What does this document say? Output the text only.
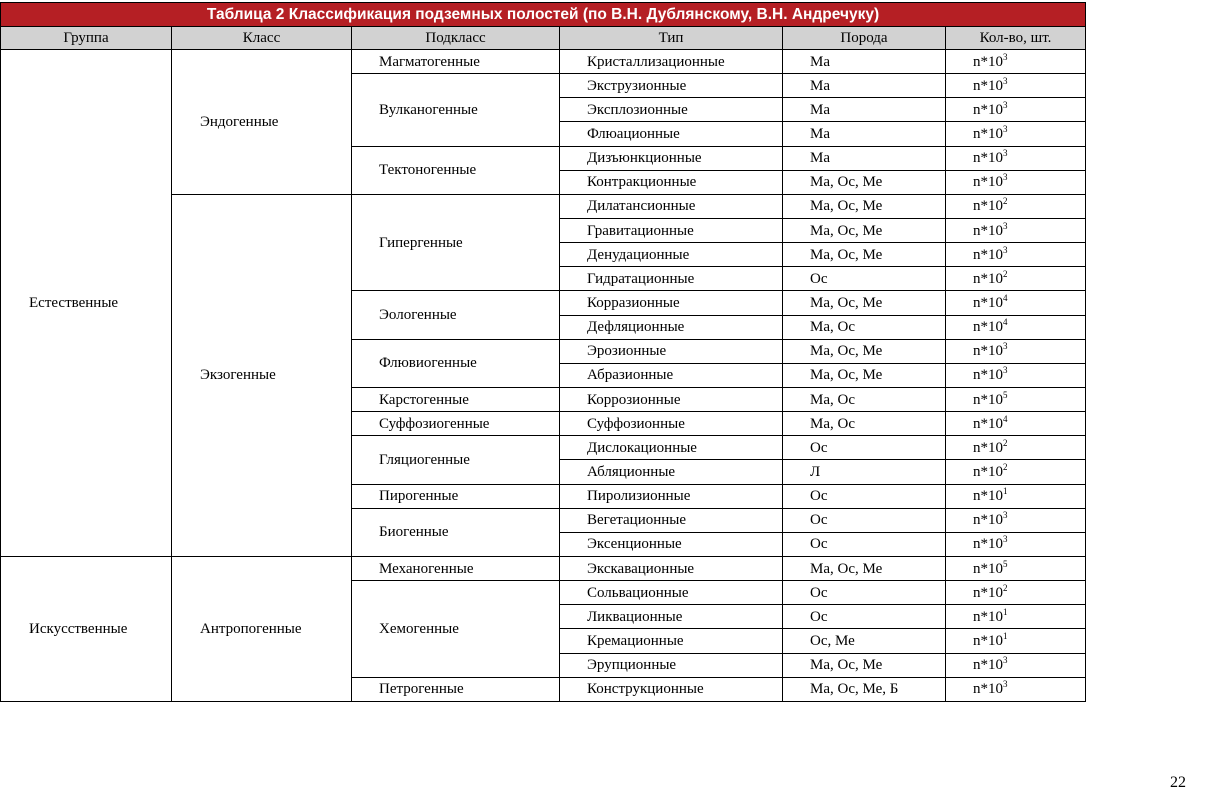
Таблица 2 Классификация подземных полостей (по В.Н. Дублянскому, В.Н. Андречуку)					
Группа	Класс	Подкласс	Тип	Порода	Кол-во, шт.
Естественные	Эндогенные	Магматогенные	Кристаллизационные	Ма	$n*10^3$
		Вулканогенные	Экструзионные	Ма	$n*10^3$
			Эксплозионные	Ма	$n*10^3$
			Флюационные	Ма	$n*10^3$
		Тектоногенные	Дизъюнкционные	Ма	$n*10^3$
			Контракционные	Ма, Ос, Ме	$n*10^3$
	Экзогенные	Гипергенные	Дилатансионные	Ма, Ос, Ме	$n*10^2$
			Гравитационные	Ма, Ос, Ме	$n*10^3$
			Денудационные	Ма, Ос, Ме	$n*10^3$
			Гидратационные	Ос	$n*10^2$
		Эологенные	Корразионные	Ма, Ос, Ме	$n*10^4$
			Дефляционные	Ма, Ос	$n*10^4$
		Флювиогенные	Эрозионные	Ма, Ос, Ме	$n*10^3$
			Абразионные	Ма, Ос, Ме	$n*10^3$
		Карстогенные	Коррозионные	Ма, Ос	$n*10^5$
		Суффозиогенные	Суффозионные	Ма, Ос	$n*10^4$
		Гляциогенные	Дислокационные	Ос	$n*10^2$
			Абляционные	Л	$n*10^2$
		Пирогенные	Пиролизионные	Ос	$n*10^1$
		Биогенные	Вегетационные	Ос	$n*10^3$
			Эксенционные	Ос	$n*10^3$
Искусственные	Антропогенные	Механогенные	Экскавационные	Ма, Ос, Ме	$n*10^5$
		Хемогенные	Сольвационные	Ос	$n*10^2$
			Ликвационные	Ос	$n*10^1$
			Кремационные	Ос, Ме	$n*10^1$
			Эрупционные	Ма, Ос, Ме	$n*10^3$
		Петрогенные	Конструкционные	Ма, Ос, Ме, Б	$n*10^3$
22
